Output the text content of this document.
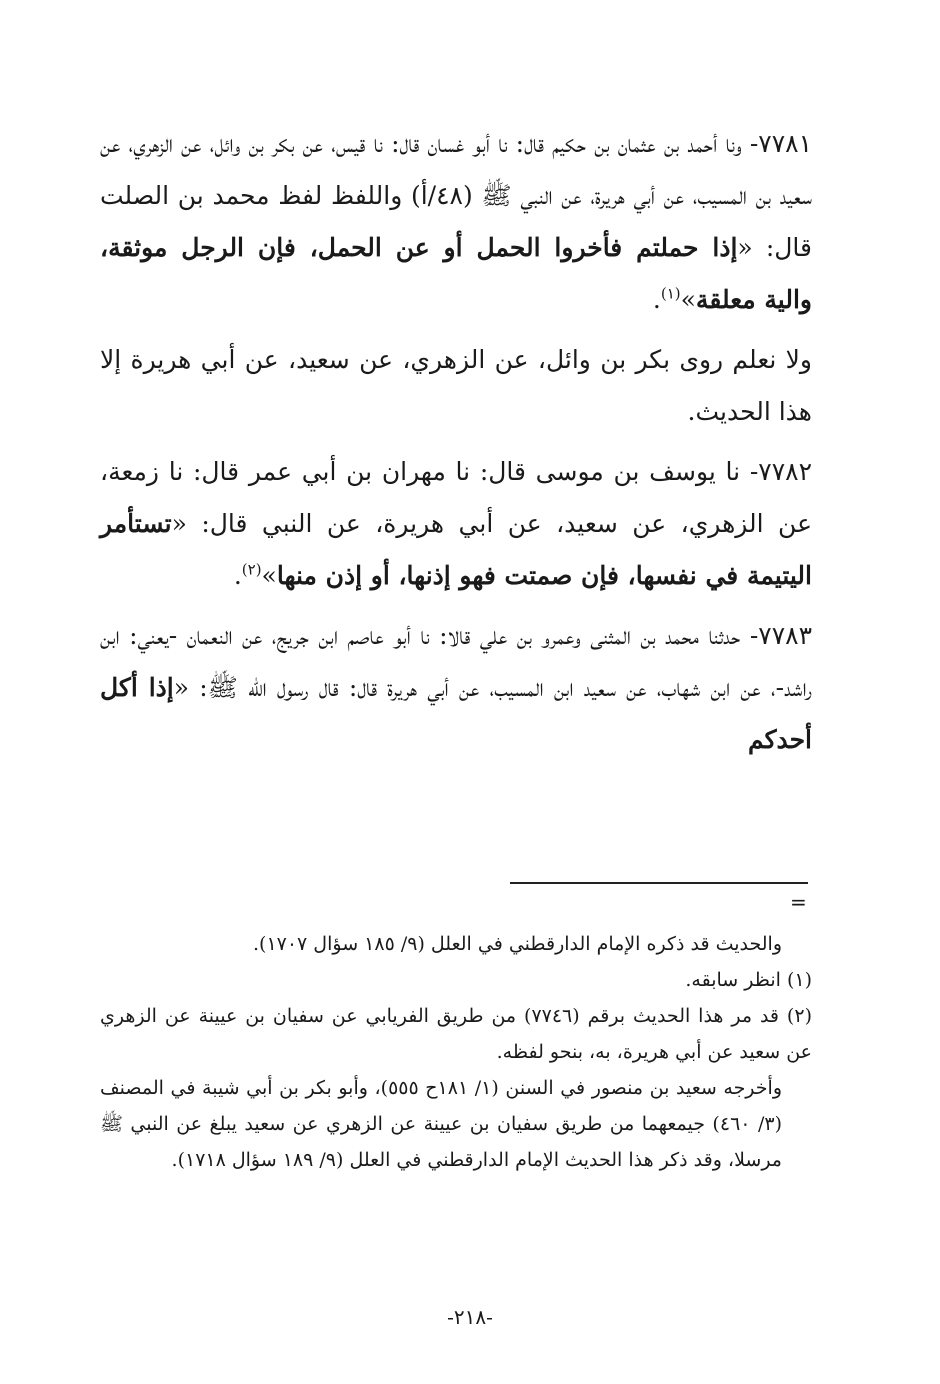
٧٧٨١- ونا أحمد بن عثمان بن حكيم قال: نا أبو غسان قال: نا قيس، عن بكر بن وائل، عن الزهري، عن سعيد بن المسيب، عن أبي هريرة، عن النبي ﷺ (٤٨/أ) واللفظ لفظ محمد بن الصلت قال: «إذا حملتم فأخروا الحمل أو عن الحمل، فإن الرجل موثقة، والية معلقة»$^{(١)}$.

ولا نعلم روى بكر بن وائل، عن الزهري، عن سعيد، عن أبي هريرة إلا هذا الحديث.

٧٧٨٢- نا يوسف بن موسى قال: نا مهران بن أبي عمر قال: نا زمعة، عن الزهري، عن سعيد، عن أبي هريرة، عن النبي قال: «تستأمر اليتيمة في نفسها، فإن صمتت فهو إذنها، أو إذن منها»$^{(٢)}$.

٧٧٨٣- حدثنا محمد بن المثنى وعمرو بن علي قالا: نا أبو عاصم ابن جريج، عن النعمان -يعني: ابن راشد-، عن ابن شهاب، عن سعيد ابن المسيب، عن أبي هريرة قال: قال رسول الله ﷺ: «إذا أكل أحدكم

=

والحديث قد ذكره الإمام الدارقطني في العلل (٩/ ١٨٥ سؤال ١٧٠٧).

(١) انظر سابقه.

(٢) قد مر هذا الحديث برقم (٧٧٤٦) من طريق الفريابي عن سفيان بن عيينة عن الزهري عن سعيد عن أبي هريرة، به، بنحو لفظه.

وأخرجه سعيد بن منصور في السنن (١/ ١٨١ح ٥٥٥)، وأبو بكر بن أبي شيبة في المصنف (٣/ ٤٦٠) جيمعهما من طريق سفيان بن عيينة عن الزهري عن سعيد يبلغ عن النبي ﷺ مرسلا، وقد ذكر هذا الحديث الإمام الدارقطني في العلل (٩/ ١٨٩ سؤال ١٧١٨).

-٢١٨-
